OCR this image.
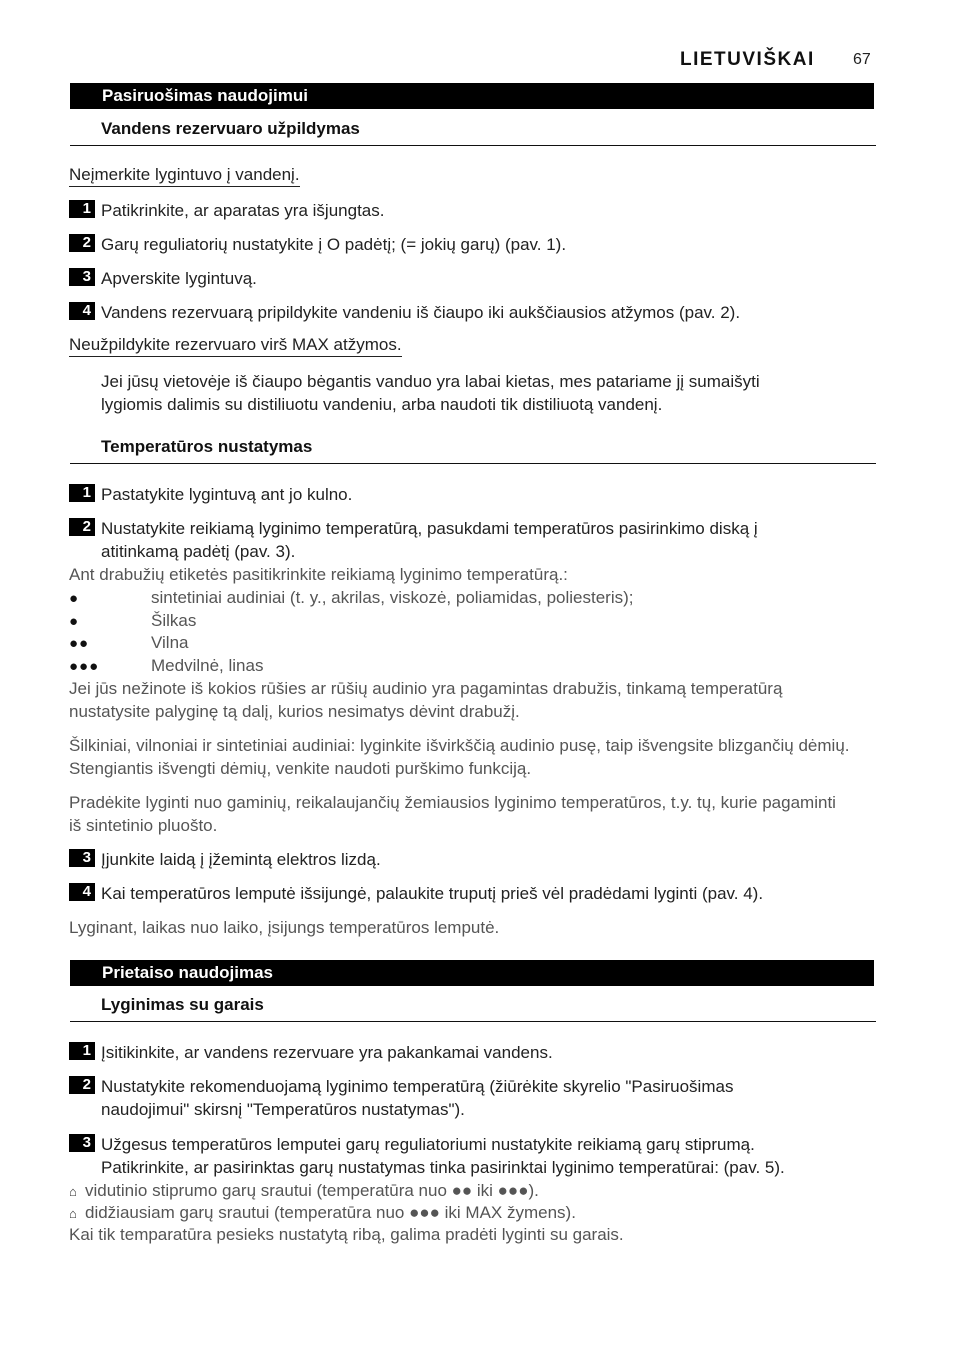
LIETUVIŠKAI 67
Pasiruošimas naudojimui
Vandens rezervuaro užpildymas
Neįmerkite lygintuvo į vandenį.
1 Patikrinkite, ar aparatas yra išjungtas.
2 Garų reguliatorių nustatykite į O padėtį; (= jokių garų) (pav. 1).
3 Apverskite lygintuvą.
4 Vandens rezervuarą pripildykite vandeniu iš čiaupo iki aukščiausios atžymos (pav. 2).
Neužpildykite rezervuaro virš MAX atžymos.
Jei jūsų vietovėje iš čiaupo bėgantis vanduo yra labai kietas, mes patariame jį sumaišyti
lygiomis dalimis su distiliuotu vandeniu, arba naudoti tik distiliuotą vandenį.
Temperatūros nustatymas
1 Pastatykite lygintuvą ant jo kulno.
2 Nustatykite reikiamą lyginimo temperatūrą, pasukdami temperatūros pasirinkimo diską į
atitinkamą padėtį (pav. 3).
Ant drabužių etiketės pasitikrinkite reikiamą lyginimo temperatūrą.:
●	sintetiniai audiniai (t. y., akrilas, viskozė, poliamidas, poliesteris);
●	Šilkas
●●	Vilna
●●●	Medvilnė, linas
Jei jūs nežinote iš kokios rūšies ar rūšių audinio yra pagamintas drabužis, tinkamą temperatūrą
nustatysite palyginę tą dalį, kurios nesimatys dėvint drabužį.
Šilkiniai, vilnoniai ir sintetiniai audiniai: lyginkite išvirkščią audinio pusę, taip išvengsite blizgančių dėmių.
Stengiantis išvengti dėmių, venkite naudoti purškimo funkciją.
Pradėkite lyginti nuo gaminių, reikalaujančių žemiausios lyginimo temperatūros, t.y. tų, kurie pagaminti
iš sintetinio pluošto.
3 Įjunkite laidą į įžemintą elektros lizdą.
4 Kai temperatūros lemputė išsijungė, palaukite truputį prieš vėl pradėdami lyginti (pav. 4).
Lyginant, laikas nuo laiko, įsijungs temperatūros lemputė.
Prietaiso naudojimas
Lyginimas su garais
1 Įsitikinkite, ar vandens rezervuare yra pakankamai vandens.
2 Nustatykite rekomenduojamą lyginimo temperatūrą (žiūrėkite skyrelio "Pasiruošimas
naudojimui" skirsnį "Temperatūros nustatymas").
3 Užgesus temperatūros lemputei garų reguliatoriumi nustatykite reikiamą garų stiprumą.
Patikrinkite, ar pasirinktas garų nustatymas tinka pasirinktai lyginimo temperatūrai: (pav. 5).
⌂ vidutinio stiprumo garų srautui (temperatūra nuo ●● iki ●●●).
⌂ didžiausiam garų srautui (temperatūra nuo ●●● iki MAX žymens).
Kai tik temparatūra pesieks nustatytą ribą, galima pradėti lyginti su garais.
